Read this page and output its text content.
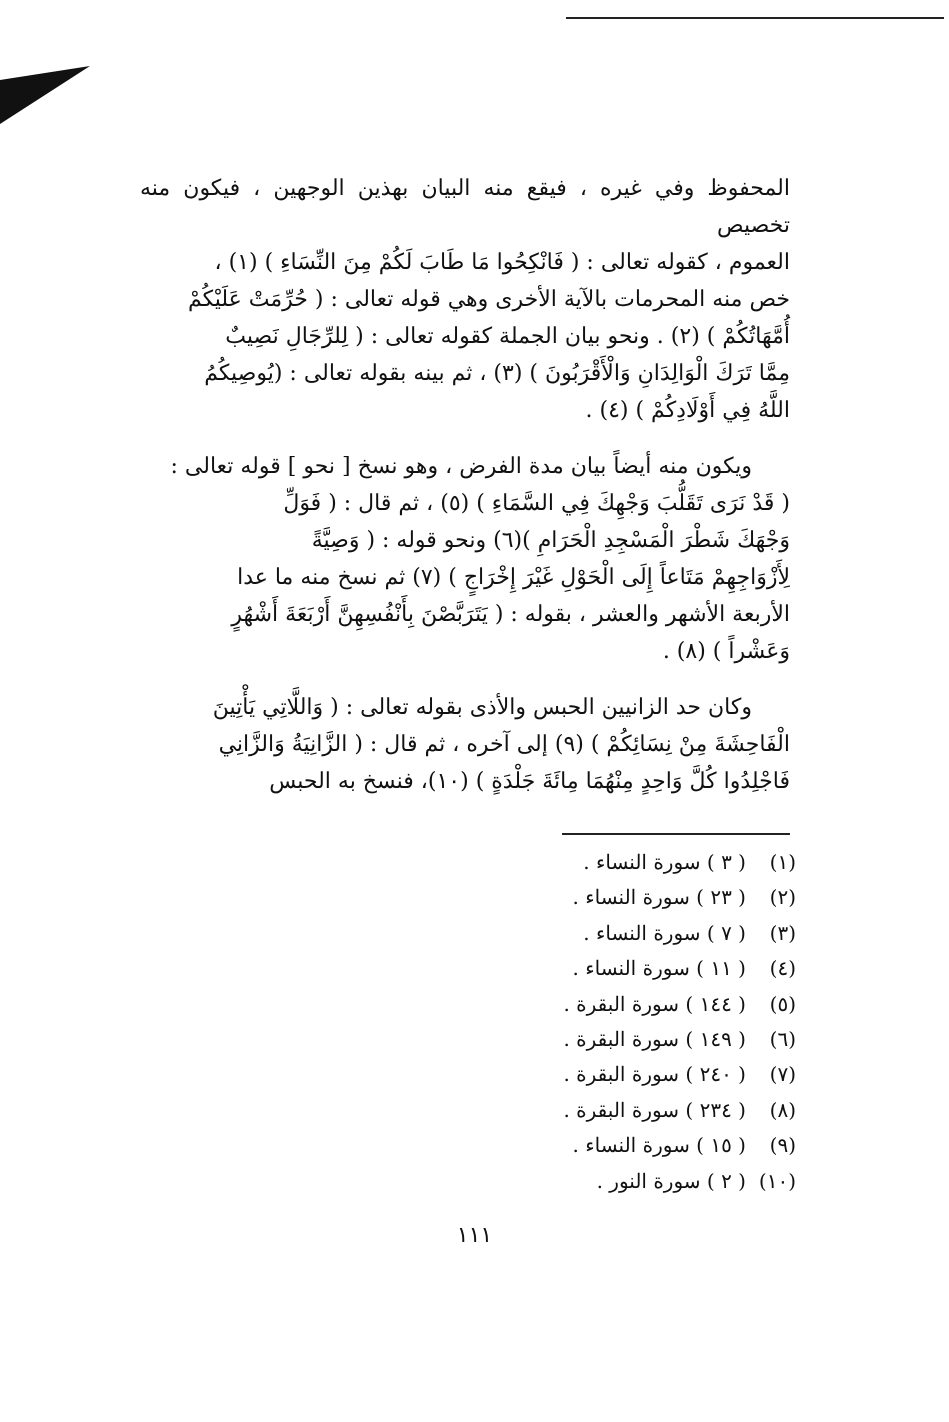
المحفوظ وفي غيره ، فيقع منه البيان بهذين الوجهين ، فيكون منه تخصيص

العموم ، كقوله تعالى : ( فَانْكِحُوا مَا طَابَ لَكُمْ مِنَ النِّسَاءِ ) (١) ،

خص منه المحرمات بالآية الأخرى وهي قوله تعالى : ( حُرِّمَتْ عَلَيْكُمْ

أُمَّهَاتُكُمْ ) (٢) . ونحو بيان الجملة كقوله تعالى : ( لِلرِّجَالِ نَصِيبٌ

مِمَّا تَرَكَ الْوَالِدَانِ وَالْأَقْرَبُونَ ) (٣) ، ثم بينه بقوله تعالى : (يُوصِيكُمُ

اللَّهُ فِي أَوْلَادِكُمْ ) (٤) .

ويكون منه أيضاً بيان مدة الفرض ، وهو نسخ [ نحو ] قوله تعالى :

( قَدْ نَرَى تَقَلُّبَ وَجْهِكَ فِي السَّمَاءِ ) (٥) ، ثم قال : ( فَوَلِّ

وَجْهَكَ شَطْرَ الْمَسْجِدِ الْحَرَامِ )(٦) ونحو قوله : ( وَصِيَّةً

لِأَزْوَاجِهِمْ مَتَاعاً إِلَى الْحَوْلِ غَيْرَ إِخْرَاجٍ ) (٧) ثم نسخ منه ما عدا

الأربعة الأشهر والعشر ، بقوله : ( يَتَرَبَّصْنَ بِأَنْفُسِهِنَّ أَرْبَعَةَ أَشْهُرٍ

وَعَشْراً ) (٨) .

وكان حد الزانيين الحبس والأذى بقوله تعالى : ( وَاللَّاتِي يَأْتِينَ

الْفَاحِشَةَ مِنْ نِسَائِكُمْ ) (٩) إلى آخره ، ثم قال : ( الزَّانِيَةُ وَالزَّانِي

فَاجْلِدُوا كُلَّ وَاحِدٍ مِنْهُمَا مِائَةَ جَلْدَةٍ ) (١٠)، فنسخ به الحبس

(١)
( ٣ ) سورة النساء .
(٢)
( ٢٣ ) سورة النساء .
(٣)
( ٧ ) سورة النساء .
(٤)
( ١١ ) سورة النساء .
(٥)
( ١٤٤ ) سورة البقرة .
(٦)
( ١٤٩ ) سورة البقرة .
(٧)
( ٢٤٠ ) سورة البقرة .
(٨)
( ٢٣٤ ) سورة البقرة .
(٩)
( ١٥ ) سورة النساء .
(١٠)
( ٢ ) سورة النور .
١١١
